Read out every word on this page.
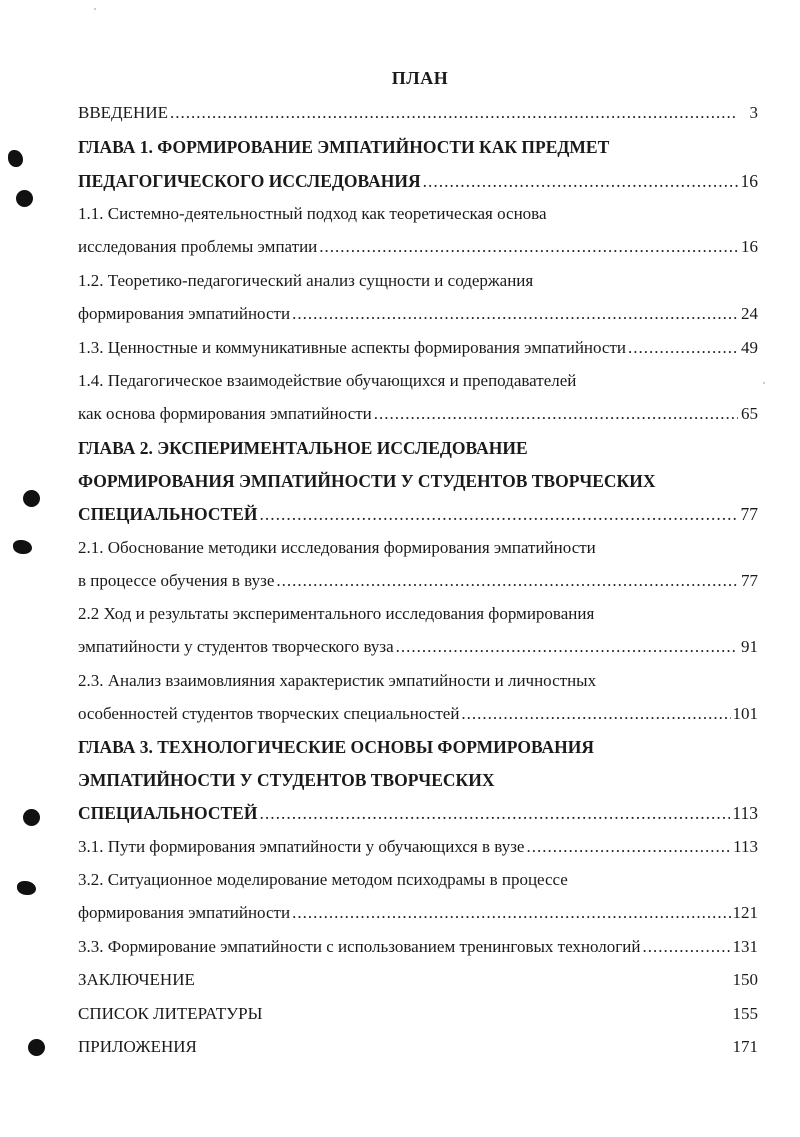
ПЛАН
ВВЕДЕНИЕ .....	3
ГЛАВА 1. ФОРМИРОВАНИЕ ЭМПАТИЙНОСТИ КАК ПРЕДМЕТ
ПЕДАГОГИЧЕСКОГО ИССЛЕДОВАНИЯ .....	16
1.1. Системно-деятельностный подход как теоретическая основа
исследования проблемы эмпатии .....	16
1.2. Теоретико-педагогический анализ сущности и содержания
формирования эмпатийности .....	24
1.3. Ценностные и коммуникативные аспекты формирования эмпатийности .....	49
1.4. Педагогическое взаимодействие обучающихся и преподавателей
как основа формирования эмпатийности .....	65
ГЛАВА 2. ЭКСПЕРИМЕНТАЛЬНОЕ ИССЛЕДОВАНИЕ
ФОРМИРОВАНИЯ ЭМПАТИЙНОСТИ У СТУДЕНТОВ ТВОРЧЕСКИХ
СПЕЦИАЛЬНОСТЕЙ .....	77
2.1. Обоснование методики исследования формирования эмпатийности
в процессе обучения в вузе .....	77
2.2 Ход и результаты экспериментального исследования формирования
эмпатийности у студентов творческого вуза .....	91
2.3. Анализ взаимовлияния характеристик эмпатийности и личностных
особенностей студентов творческих специальностей .....	101
ГЛАВА 3. ТЕХНОЛОГИЧЕСКИЕ ОСНОВЫ ФОРМИРОВАНИЯ
ЭМПАТИЙНОСТИ У СТУДЕНТОВ ТВОРЧЕСКИХ
СПЕЦИАЛЬНОСТЕЙ .....	113
3.1. Пути формирования эмпатийности у обучающихся в вузе .....	113
3.2. Ситуационное моделирование методом психодрамы в процессе
формирования эмпатийности .....	121
3.3. Формирование эмпатийности с использованием тренинговых технологий .....	131
ЗАКЛЮЧЕНИЕ	150
СПИСОК ЛИТЕРАТУРЫ	155
ПРИЛОЖЕНИЯ	171
